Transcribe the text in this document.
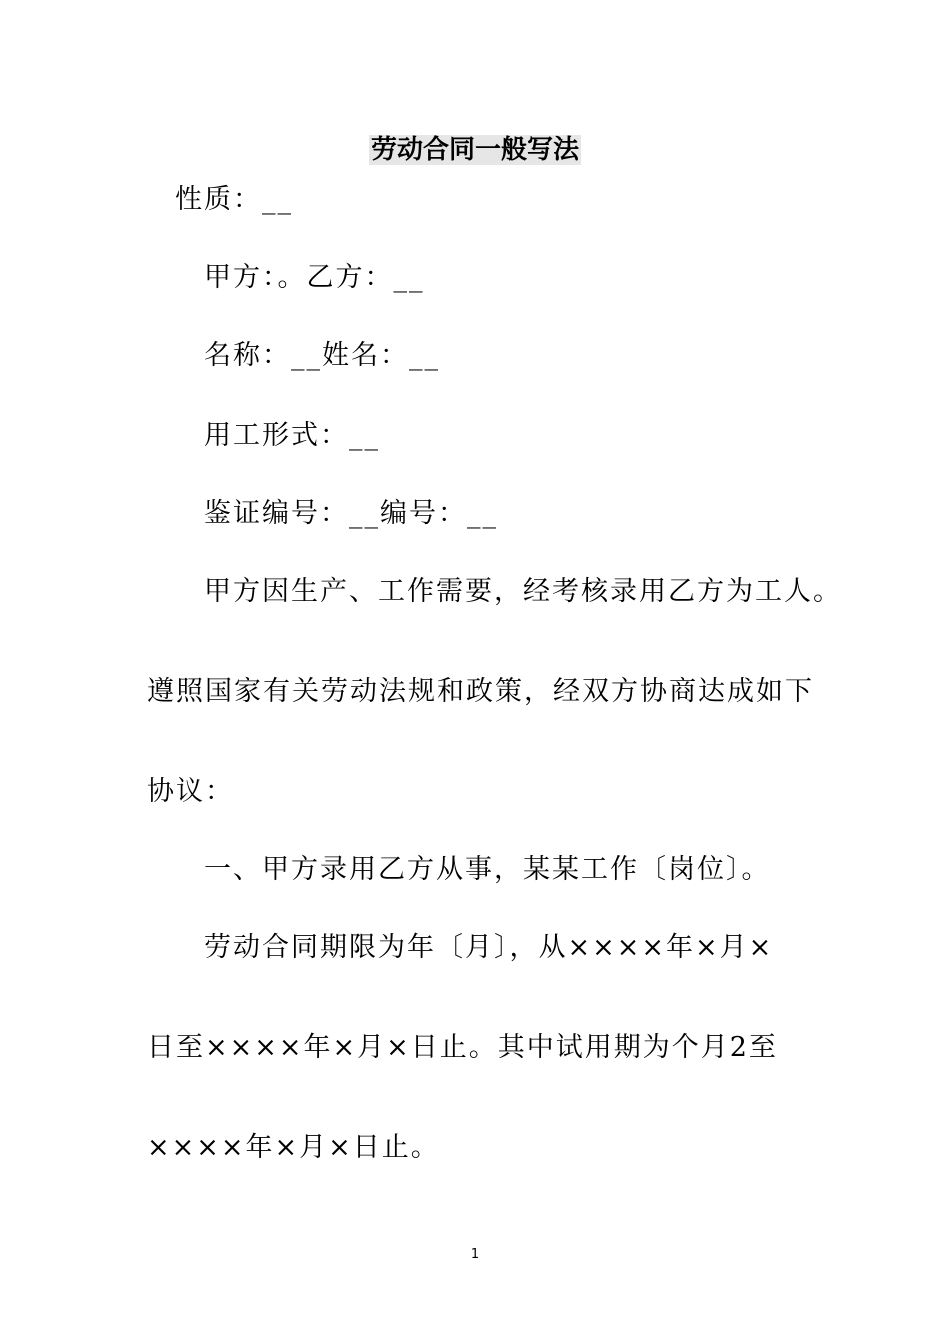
劳动合同一般写法
性质：__
甲方：。乙方：__
名称：__姓名：__
用工形式：__
鉴证编号：__编号：__
甲方因生产、工作需要，经考核录用乙方为工人。
遵照国家有关劳动法规和政策，经双方协商达成如下
协议：
一、甲方录用乙方从事，某某工作〔岗位〕。
劳动合同期限为年〔月〕，从××××年×月×
日至××××年×月×日止。其中试用期为个月2至
××××年×月×日止。
1
